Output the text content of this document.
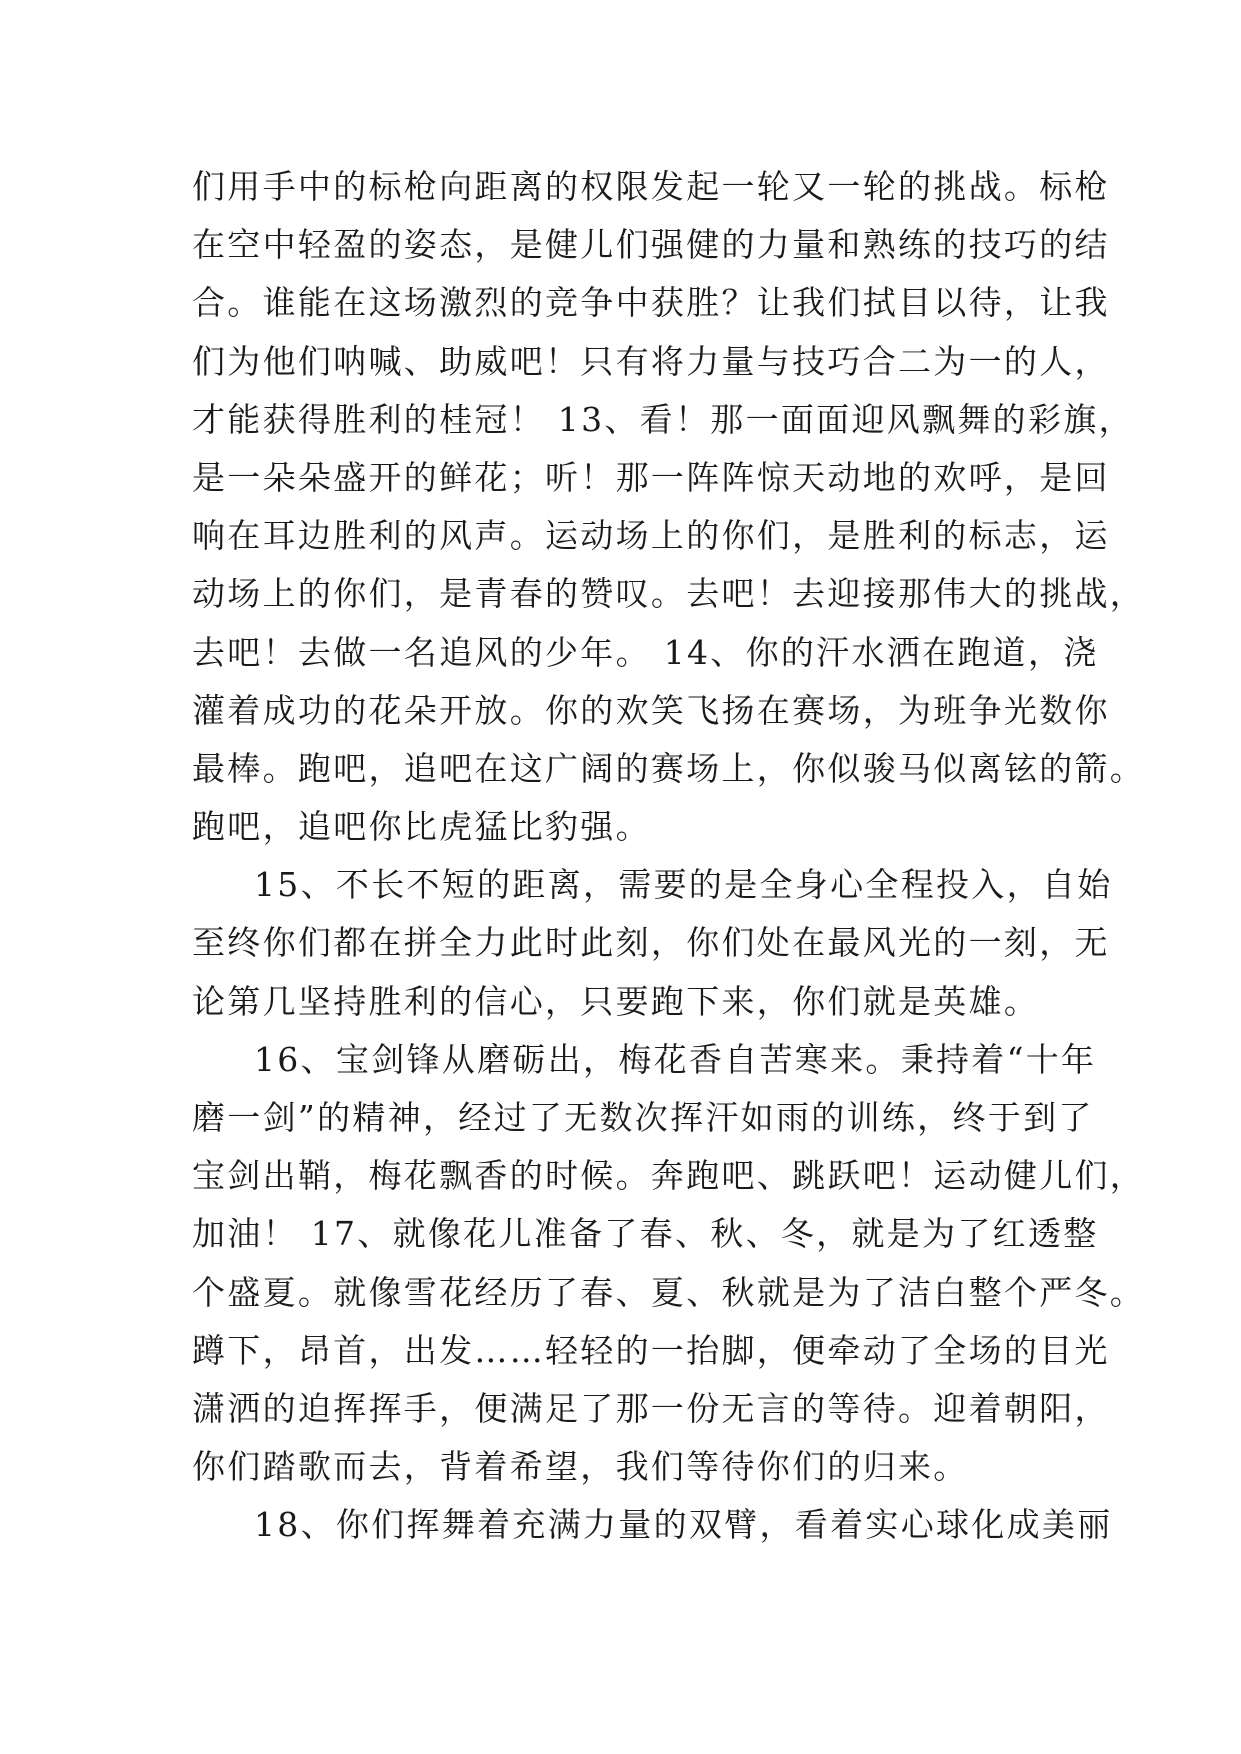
们用手中的标枪向距离的权限发起一轮又一轮的挑战。标枪
在空中轻盈的姿态，是健儿们强健的力量和熟练的技巧的结
合。谁能在这场激烈的竞争中获胜？让我们拭目以待，让我
们为他们呐喊、助威吧！只有将力量与技巧合二为一的人，
才能获得胜利的桂冠！ 13、看！那一面面迎风飘舞的彩旗，
是一朵朵盛开的鲜花；听！那一阵阵惊天动地的欢呼，是回
响在耳边胜利的风声。运动场上的你们，是胜利的标志，运
动场上的你们，是青春的赞叹。去吧！去迎接那伟大的挑战，
去吧！去做一名追风的少年。 14、你的汗水洒在跑道，浇
灌着成功的花朵开放。你的欢笑飞扬在赛场，为班争光数你
最棒。跑吧，追吧在这广阔的赛场上，你似骏马似离铉的箭。
跑吧，追吧你比虎猛比豹强。
15、不长不短的距离，需要的是全身心全程投入，自始
至终你们都在拼全力此时此刻，你们处在最风光的一刻，无
论第几坚持胜利的信心，只要跑下来，你们就是英雄。
16、宝剑锋从磨砺出，梅花香自苦寒来。秉持着“十年
磨一剑”的精神，经过了无数次挥汗如雨的训练，终于到了
宝剑出鞘，梅花飘香的时候。奔跑吧、跳跃吧！运动健儿们，
加油！ 17、就像花儿准备了春、秋、冬，就是为了红透整
个盛夏。就像雪花经历了春、夏、秋就是为了洁白整个严冬。
蹲下，昂首，出发……轻轻的一抬脚，便牵动了全场的目光
潇洒的迫挥挥手，便满足了那一份无言的等待。迎着朝阳，
你们踏歌而去，背着希望，我们等待你们的归来。
18、你们挥舞着充满力量的双臂，看着实心球化成美丽
